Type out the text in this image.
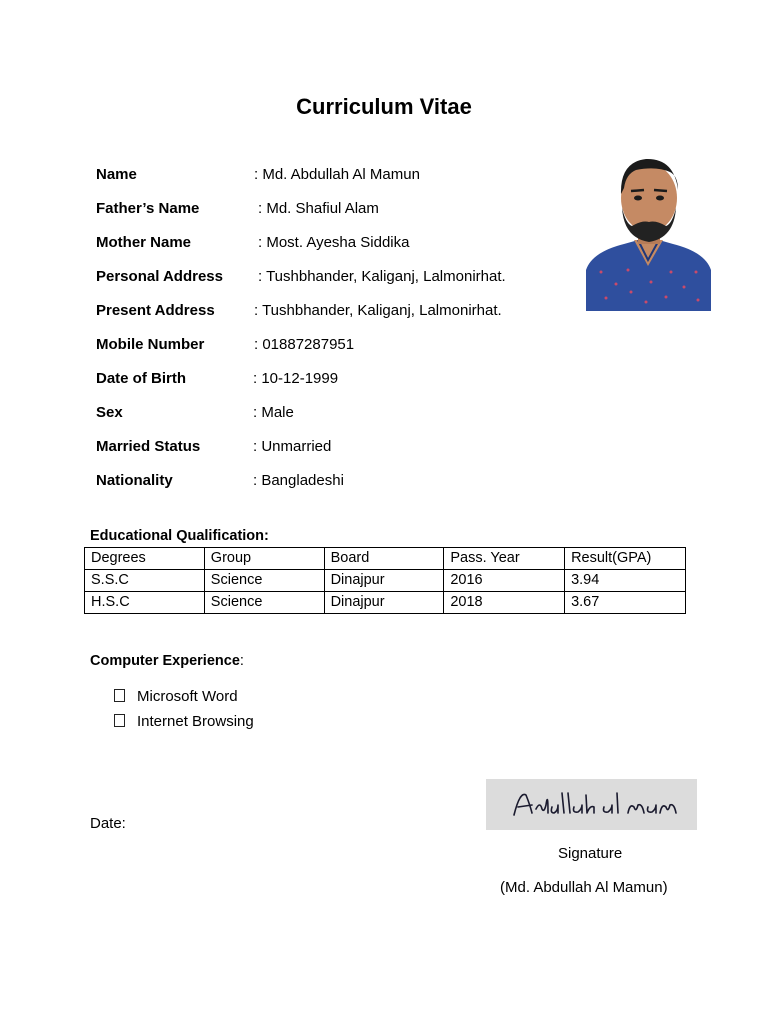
Curriculum Vitae
Name	: Md. Abdullah Al Mamun
Father’s Name	: Md. Shafiul Alam
Mother Name	: Most. Ayesha Siddika
Personal Address : Tushbhander, Kaliganj, Lalmonirhat.
Present Address	: Tushbhander, Kaliganj, Lalmonirhat.
Mobile Number	: 01887287951
Date of Birth	: 10-12-1999
Sex	: Male
Married Status	: Unmarried
Nationality	: Bangladeshi
Educational Qualification:
Degrees	Group	Board	Pass. Year	Result(GPA)
S.S.C	Science	Dinajpur	2016	3.94
H.S.C	Science	Dinajpur	2018	3.67
Computer Experience:
Microsoft Word
Internet Browsing
Date:
Signature
(Md. Abdullah Al Mamun)
